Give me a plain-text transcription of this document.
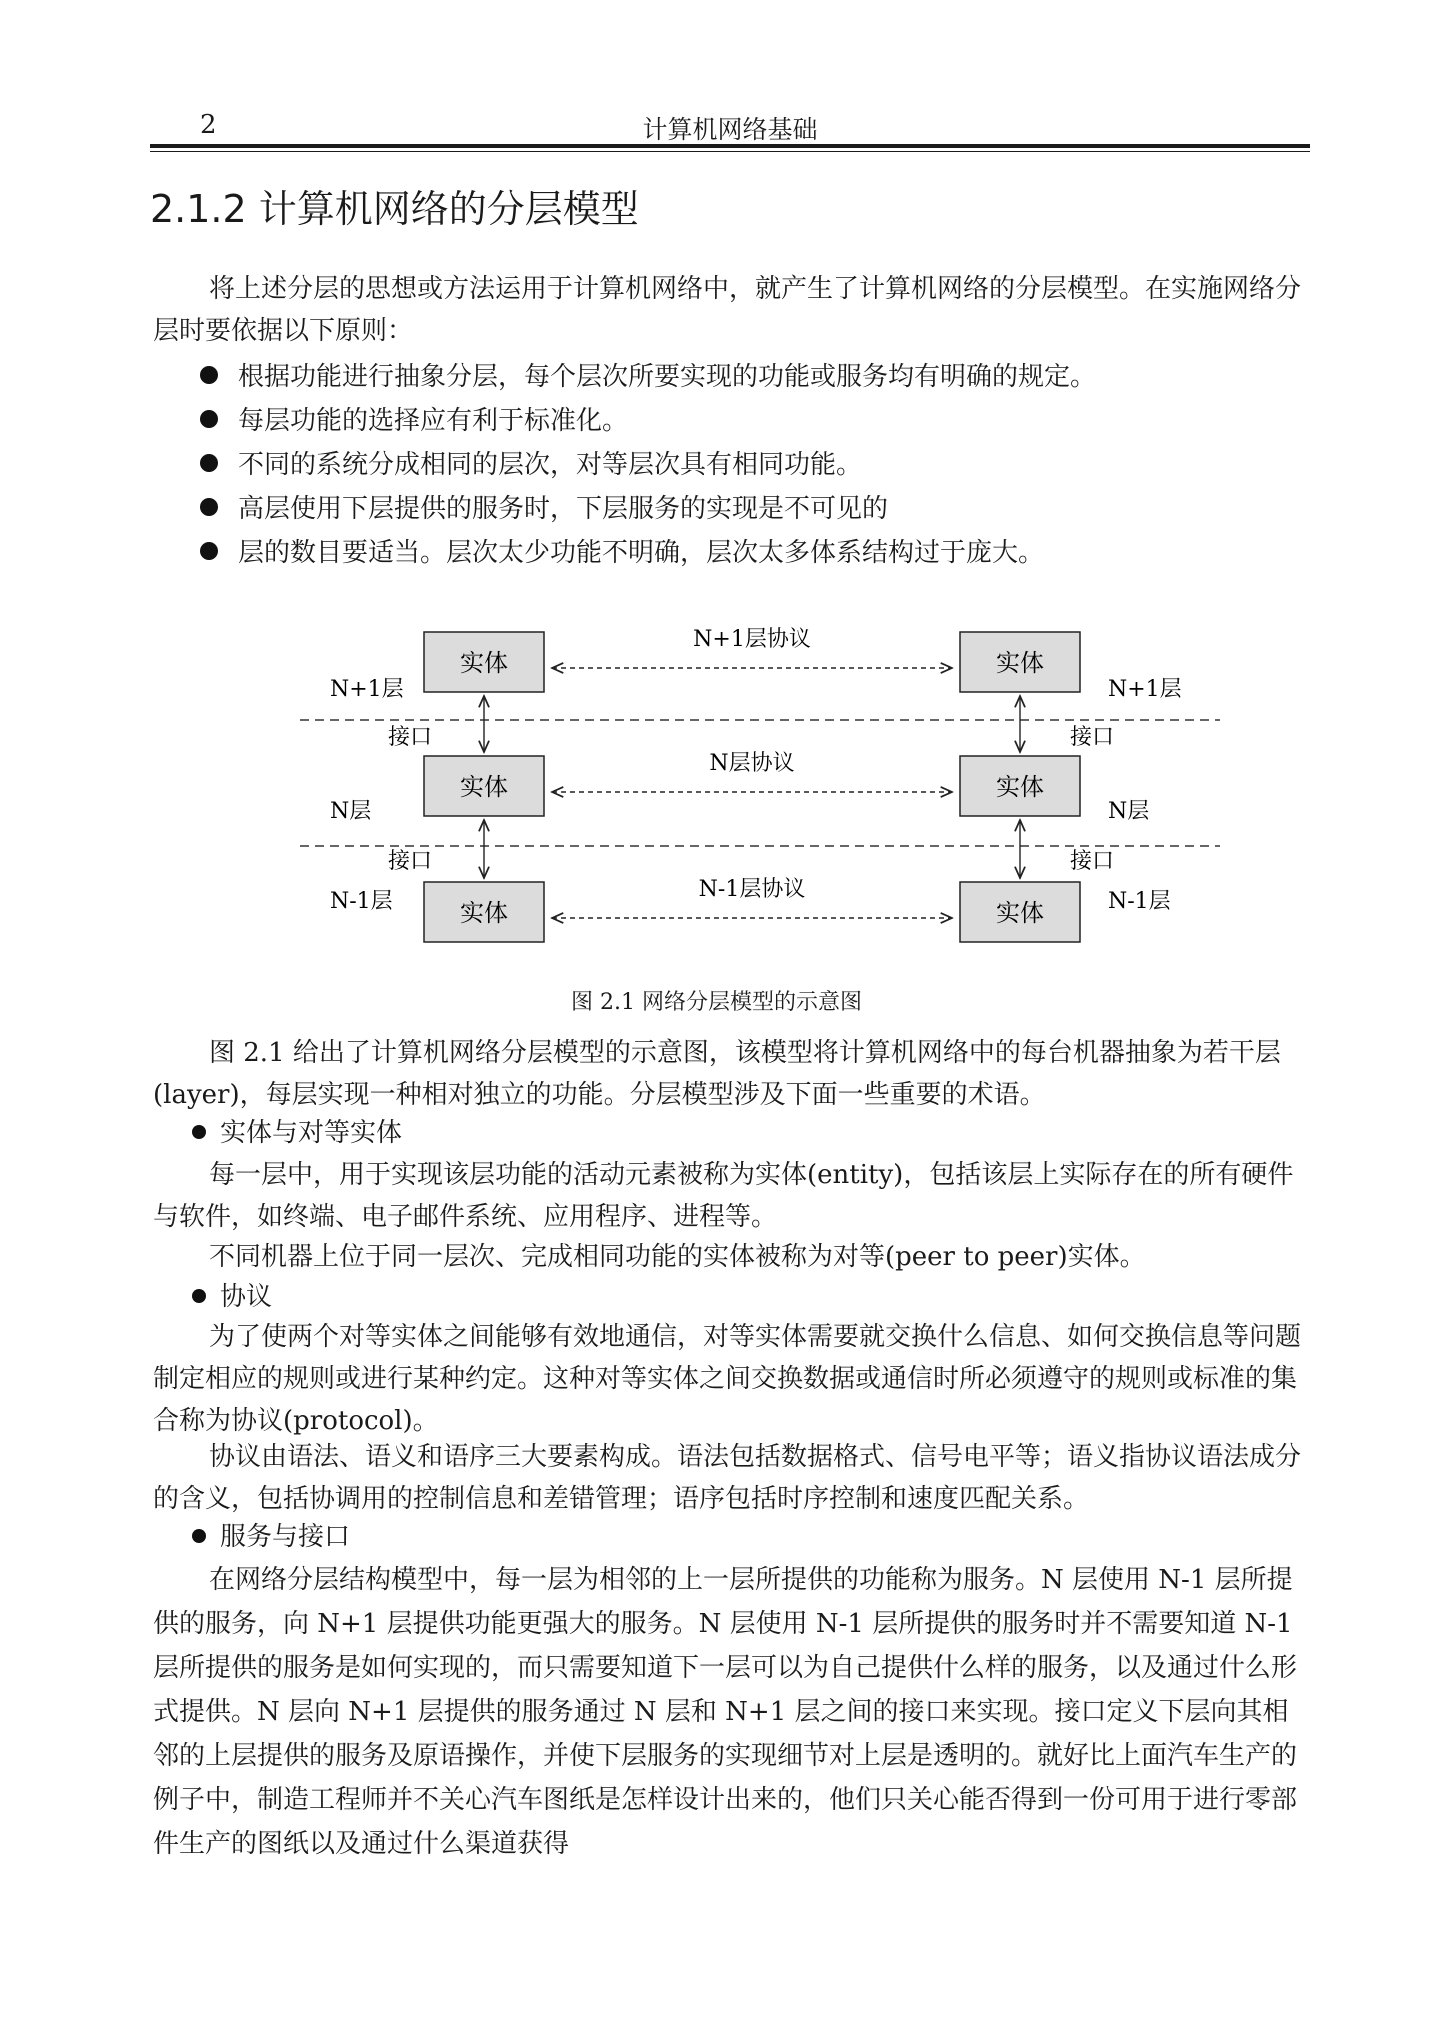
2	计算机网络基础
2.1.2 计算机网络的分层模型

将上述分层的思想或方法运用于计算机网络中，就产生了计算机网络的分层模型。在实施网络分层时要依据以下原则：

根据功能进行抽象分层，每个层次所要实现的功能或服务均有明确的规定。
每层功能的选择应有利于标准化。
不同的系统分成相同的层次，对等层次具有相同功能。
高层使用下层提供的服务时，下层服务的实现是不可见的
层的数目要适当。层次太少功能不明确，层次太多体系结构过于庞大。
实体
实体
实体
实体
实体
实体
N+1层协议
N层协议
N-1层协议
接口
接口
接口
接口
N+1层
N层
N-1层
N+1层
N层
N-1层
图 2.1 网络分层模型的示意图

图 2.1 给出了计算机网络分层模型的示意图，该模型将计算机网络中的每台机器抽象为若干层(layer)，每层实现一种相对独立的功能。分层模型涉及下面一些重要的术语。

实体与对等实体

每一层中，用于实现该层功能的活动元素被称为实体(entity)，包括该层上实际存在的所有硬件与软件，如终端、电子邮件系统、应用程序、进程等。

不同机器上位于同一层次、完成相同功能的实体被称为对等(peer to peer)实体。

协议

为了使两个对等实体之间能够有效地通信，对等实体需要就交换什么信息、如何交换信息等问题制定相应的规则或进行某种约定。这种对等实体之间交换数据或通信时所必须遵守的规则或标准的集合称为协议(protocol)。

协议由语法、语义和语序三大要素构成。语法包括数据格式、信号电平等；语义指协议语法成分的含义，包括协调用的控制信息和差错管理；语序包括时序控制和速度匹配关系。

服务与接口

在网络分层结构模型中，每一层为相邻的上一层所提供的功能称为服务。N 层使用 N-1 层所提供的服务，向 N+1 层提供功能更强大的服务。N 层使用 N-1 层所提供的服务时并不需要知道 N-1 层所提供的服务是如何实现的，而只需要知道下一层可以为自己提供什么样的服务，以及通过什么形式提供。N 层向 N+1 层提供的服务通过 N 层和 N+1 层之间的接口来实现。接口定义下层向其相邻的上层提供的服务及原语操作，并使下层服务的实现细节对上层是透明的。就好比上面汽车生产的例子中，制造工程师并不关心汽车图纸是怎样设计出来的，他们只关心能否得到一份可用于进行零部件生产的图纸以及通过什么渠道获得
